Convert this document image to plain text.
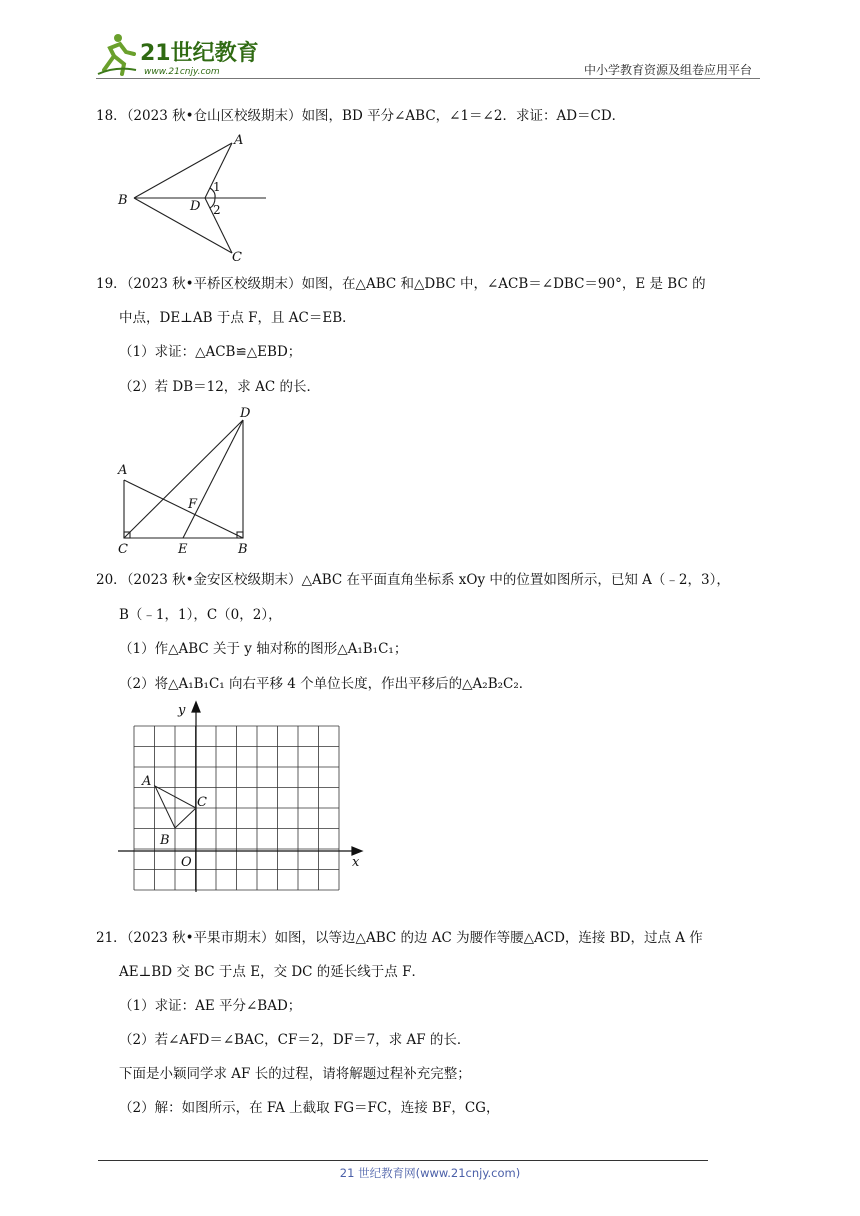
21世纪教育
www.21cnjy.com	中小学教育资源及组卷应用平台
18．（2023 秋•仓山区校级期末）如图，BD 平分∠ABC，∠1＝∠2．求证：AD＝CD．
A
B	D
C
1
2
19．（2023 秋•平桥区校级期末）如图，在△ABC 和△DBC 中，∠ACB＝∠DBC＝90°，E 是 BC 的
中点，DE⊥AB 于点 F，且 AC＝EB．
（1）求证：△ACB≌△EBD；
（2）若 DB＝12，求 AC 的长．
D
A
F
C	E	B
20．（2023 秋•金安区校级期末）△ABC 在平面直角坐标系 xOy 中的位置如图所示，已知 A（﹣2，3），
B（﹣1，1），C（0，2），
（1）作△ABC 关于 y 轴对称的图形△A₁B₁C₁；
（2）将△A₁B₁C₁ 向右平移 4 个单位长度，作出平移后的△A₂B₂C₂．
y
x
A
B
C
O
21．（2023 秋•平果市期末）如图，以等边△ABC 的边 AC 为腰作等腰△ACD，连接 BD，过点 A 作
AE⊥BD 交 BC 于点 E，交 DC 的延长线于点 F．
（1）求证：AE 平分∠BAD；
（2）若∠AFD＝∠BAC，CF＝2，DF＝7，求 AF 的长．
下面是小颖同学求 AF 长的过程，请将解题过程补充完整；
（2）解：如图所示，在 FA 上截取 FG＝FC，连接 BF，CG，
21 世纪教育网(www.21cnjy.com)
